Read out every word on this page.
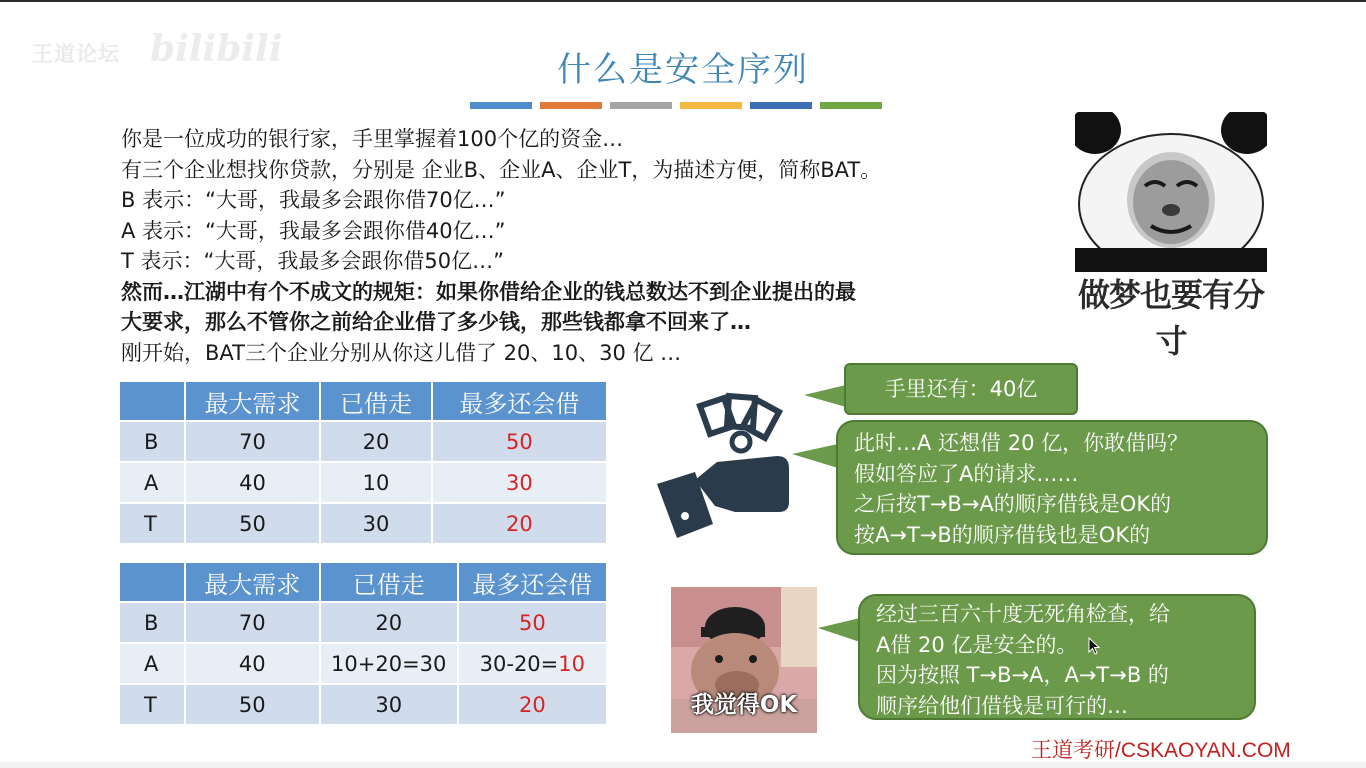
王道论坛 bilibili	什么是安全序列
你是一位成功的银行家，手里掌握着100个亿的资金…
有三个企业想找你贷款，分别是 企业B、企业A、企业T，为描述方便，简称BAT。
B 表示：“大哥，我最多会跟你借70亿…”
A 表示：“大哥，我最多会跟你借40亿…”
T 表示：“大哥，我最多会跟你借50亿…”
然而…江湖中有个不成文的规矩：如果你借给企业的钱总数达不到企业提出的最
大要求，那么不管你之前给企业借了多少钱，那些钱都拿不回来了…
刚开始，BAT三个企业分别从你这儿借了 20、10、30 亿 …
做梦也要有分寸
	最大需求	已借走	最多还会借
B	70	20	50
A	40	10	30
T	50	30	20
	最大需求	已借走	最多还会借
B	70	20	50
A	40	10+20=30	30-20=10
T	50	30	20
手里还有：40亿
此时…A 还想借 20 亿，你敢借吗？
假如答应了A的请求……
之后按T→B→A的顺序借钱是OK的
按A→T→B的顺序借钱也是OK的
我觉得OK
经过三百六十度无死角检查，给
A借 20 亿是安全的。
因为按照 T→B→A，A→T→B 的
顺序给他们借钱是可行的…
王道考研/CSKAOYAN.COM
